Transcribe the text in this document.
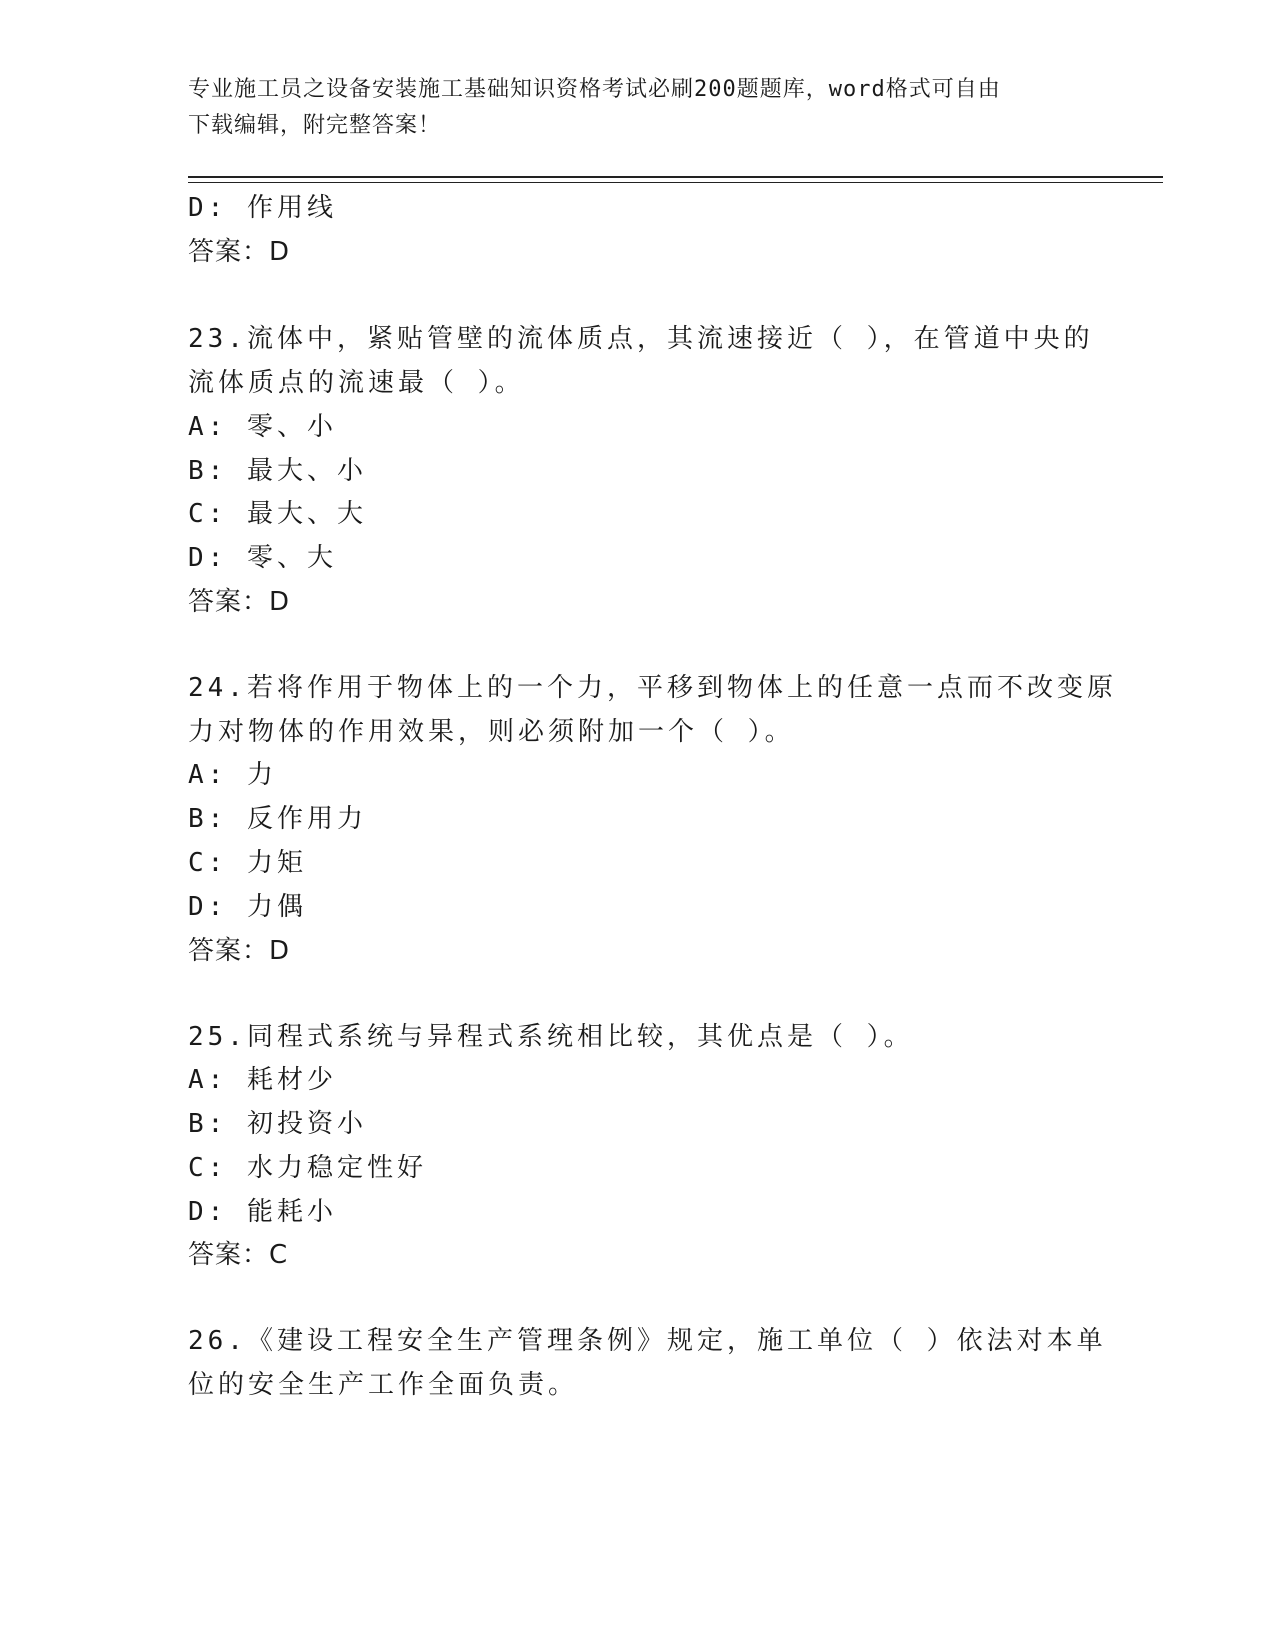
专业施工员之设备安装施工基础知识资格考试必刷200题题库，word格式可自由
下载编辑，附完整答案！
D: 作用线
答案：D
23.流体中，紧贴管壁的流体质点，其流速接近（ ），在管道中央的
流体质点的流速最（ ）。
A: 零、小
B: 最大、小
C: 最大、大
D: 零、大
答案：D
24.若将作用于物体上的一个力，平移到物体上的任意一点而不改变原
力对物体的作用效果，则必须附加一个（ ）。
A: 力
B: 反作用力
C: 力矩
D: 力偶
答案：D
25.同程式系统与异程式系统相比较，其优点是（ ）。
A: 耗材少
B: 初投资小
C: 水力稳定性好
D: 能耗小
答案：C
26.《建设工程安全生产管理条例》规定，施工单位（ ）依法对本单
位的安全生产工作全面负责。
